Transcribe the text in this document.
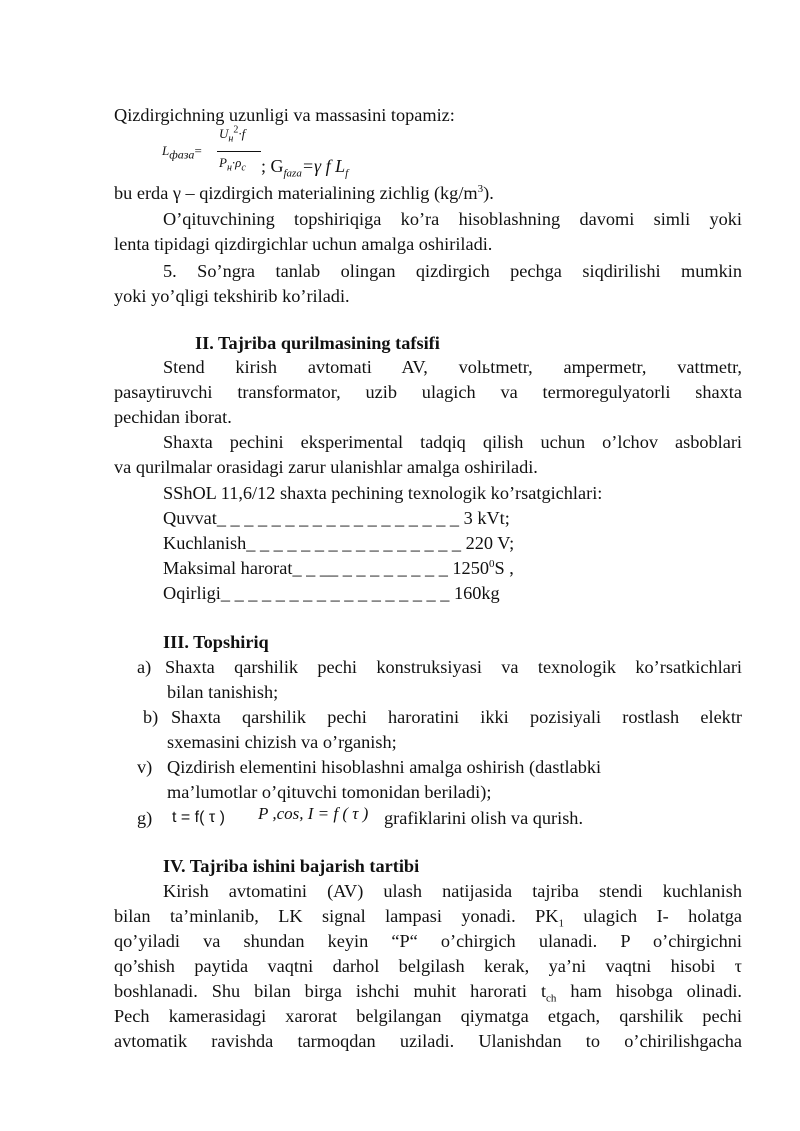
Qizdirgichning uzunligi va massasini topamiz:
$L_{фаза}=$
$U_н^2\cdot f$
$P_н\cdot\rho_c$ ; $G_{faza}=\gamma$ f $L_f$
bu erda γ – qizdirgich materialining zichlig $(kg/m^3)$.
O’qituvchining topshiriqiga ko’ra hisoblashning davomi simli yoki
lenta tipidagi qizdirgichlar uchun amalga oshiriladi.
5. So’ngra tanlab olingan qizdirgich pechga siqdirilishi mumkin
yoki yo’qligi tekshirib ko’riladi.
II. Tajriba qurilmasining tafsifi
Stend kirish avtomati AV, volьtmetr, ampermetr, vattmetr,
pasaytiruvchi transformator, uzib ulagich va termoregulyatorli shaxta
pechidan iborat.
Shaxta pechini eksperimental tadqiq qilish uchun o’lchov asboblari
va qurilmalar orasidagi zarur ulanishlar amalga oshiriladi.
SShOL 11,6/12 shaxta pechining texnologik ko’rsatgichlari:
Quvvat_ _ _ _ _ _ _ _ _ _ _ _ _ _ _ _ _ _ 3 kVt;
Kuchlanish_ _ _ _ _ _ _ _ _ _ _ _ _ _ _ _ 220 V;
Maksimal harorat_ _ __ _ _ _ _ _ _ _ _ 1250$^0$S ,
Oqirligi_ _ _ _ _ _ _ _ _ _ _ _ _ _ _ _ _ 160kg
III. Topshiriq
a) Shaxta qarshilik pechi konstruksiyasi va texnologik ko’rsatkichlari
bilan tanishish;
b) Shaxta qarshilik pechi haroratini ikki pozisiyali rostlash elektr
sxemasini chizish va o’rganish;
v) Qizdirish elementini hisoblashni amalga oshirish (dastlabki
ma’lumotlar o’qituvchi tomonidan beriladi);
g) t = f( τ )	P ,cos, I = f ( τ ) grafiklarini olish va qurish.
IV. Tajriba ishini bajarish tartibi
Kirish avtomatini (AV) ulash natijasida tajriba stendi kuchlanish
bilan ta’minlanib, LK signal lampasi yonadi. $PK_1$ ulagich I- holatga
qo’yiladi va shundan keyin “P“ o’chirgich ulanadi. P o’chirgichni
qo’shish paytida vaqtni darhol belgilash kerak, ya’ni vaqtni hisobi τ
boshlanadi. Shu bilan birga ishchi muhit harorati $t_{ch}$ ham hisobga olinadi.
Pech kamerasidagi xarorat belgilangan qiymatga etgach, qarshilik pechi
avtomatik ravishda tarmoqdan uziladi. Ulanishdan to o’chirilishgacha
